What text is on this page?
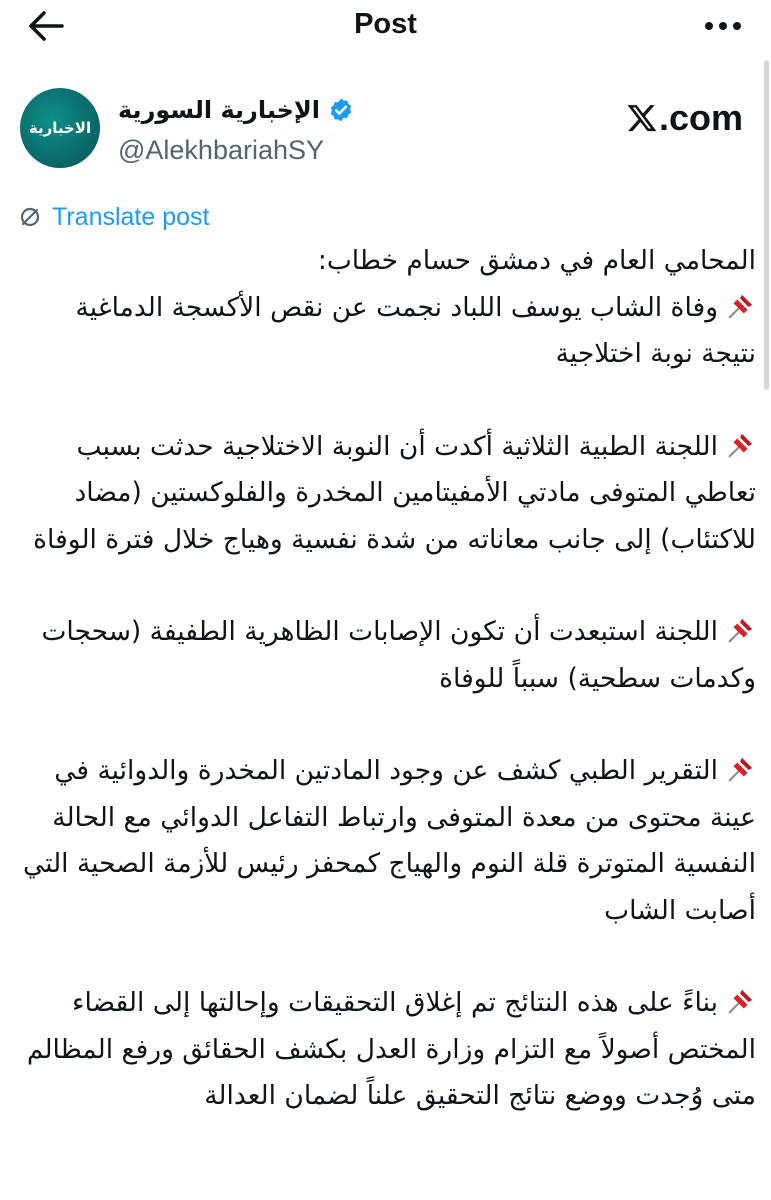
Post
الاخبارية
الإخبارية السورية
@AlekhbariahSY
.com
Translate post

المحامي العام في دمشق حسام خطاب:
وفاة الشاب يوسف اللباد نجمت عن نقص الأكسجة الدماغية نتيجة نوبة اختلاجية

اللجنة الطبية الثلاثية أكدت أن النوبة الاختلاجية حدثت بسبب تعاطي المتوفى مادتي الأمفيتامين المخدرة والفلوكستين (مضاد للاكتئاب) إلى جانب معاناته من شدة نفسية وهياج خلال فترة الوفاة

اللجنة استبعدت أن تكون الإصابات الظاهرية الطفيفة (سحجات وكدمات سطحية) سبباً للوفاة

التقرير الطبي كشف عن وجود المادتين المخدرة والدوائية في عينة محتوى من معدة المتوفى وارتباط التفاعل الدوائي مع الحالة النفسية المتوترة قلة النوم والهياج كمحفز رئيس للأزمة الصحية التي أصابت الشاب

بناءً على هذه النتائج تم إغلاق التحقيقات وإحالتها إلى القضاء المختص أصولاً مع التزام وزارة العدل بكشف الحقائق ورفع المظالم متى وُجدت ووضع نتائج التحقيق علناً لضمان العدالة
